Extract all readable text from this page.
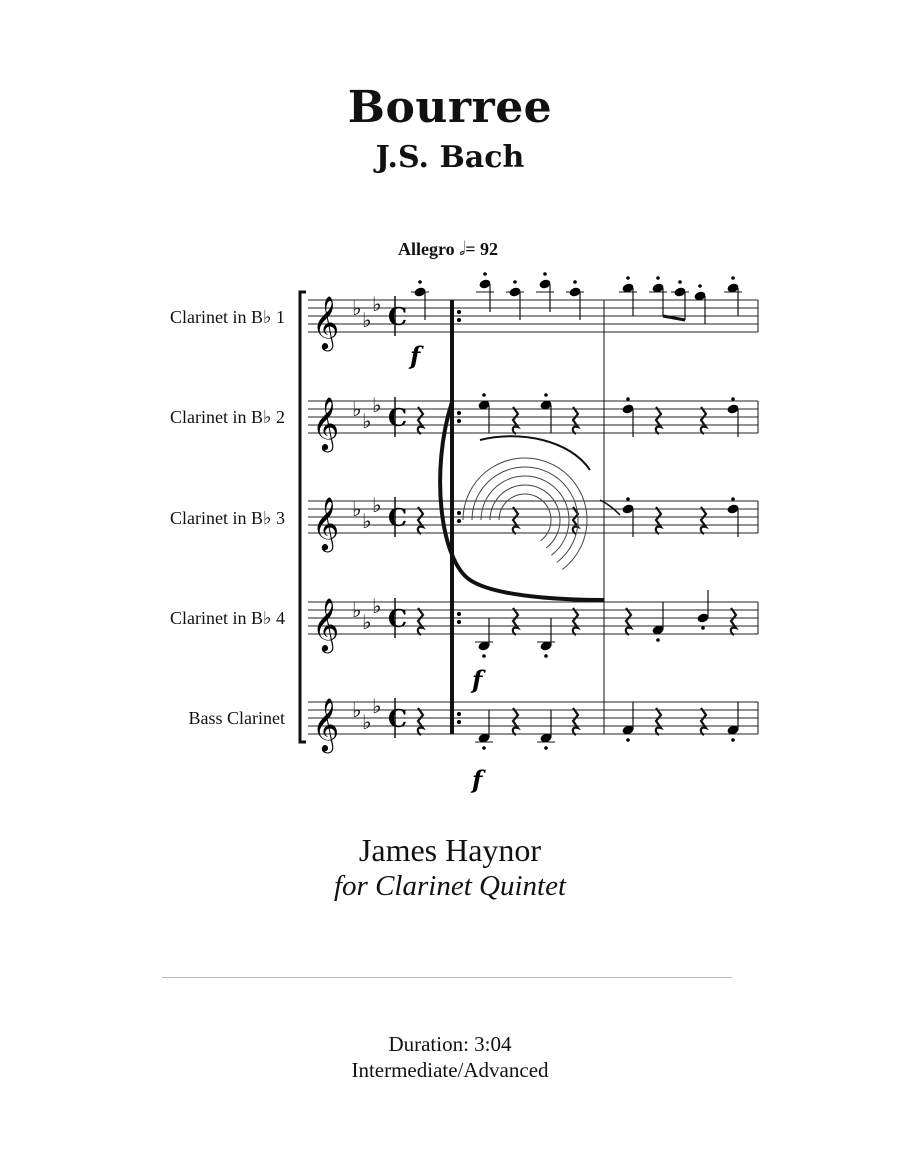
Bourree
J.S. Bach
Allegro 𝅗𝅥= 92
Clarinet in B♭ 1
Clarinet in B♭ 2
Clarinet in B♭ 3
Clarinet in B♭ 4
Bass Clarinet
𝄞 ♭ ♭
♭ C
𝄞 ♭ ♭
♭ C
𝄞 ♭ ♭
♭ C
𝄞 ♭ ♭
♭ C
𝄞 ♭ ♭
♭ C
f
f
f
James Haynor
for Clarinet Quintet
Duration: 3:04
Intermediate/Advanced
